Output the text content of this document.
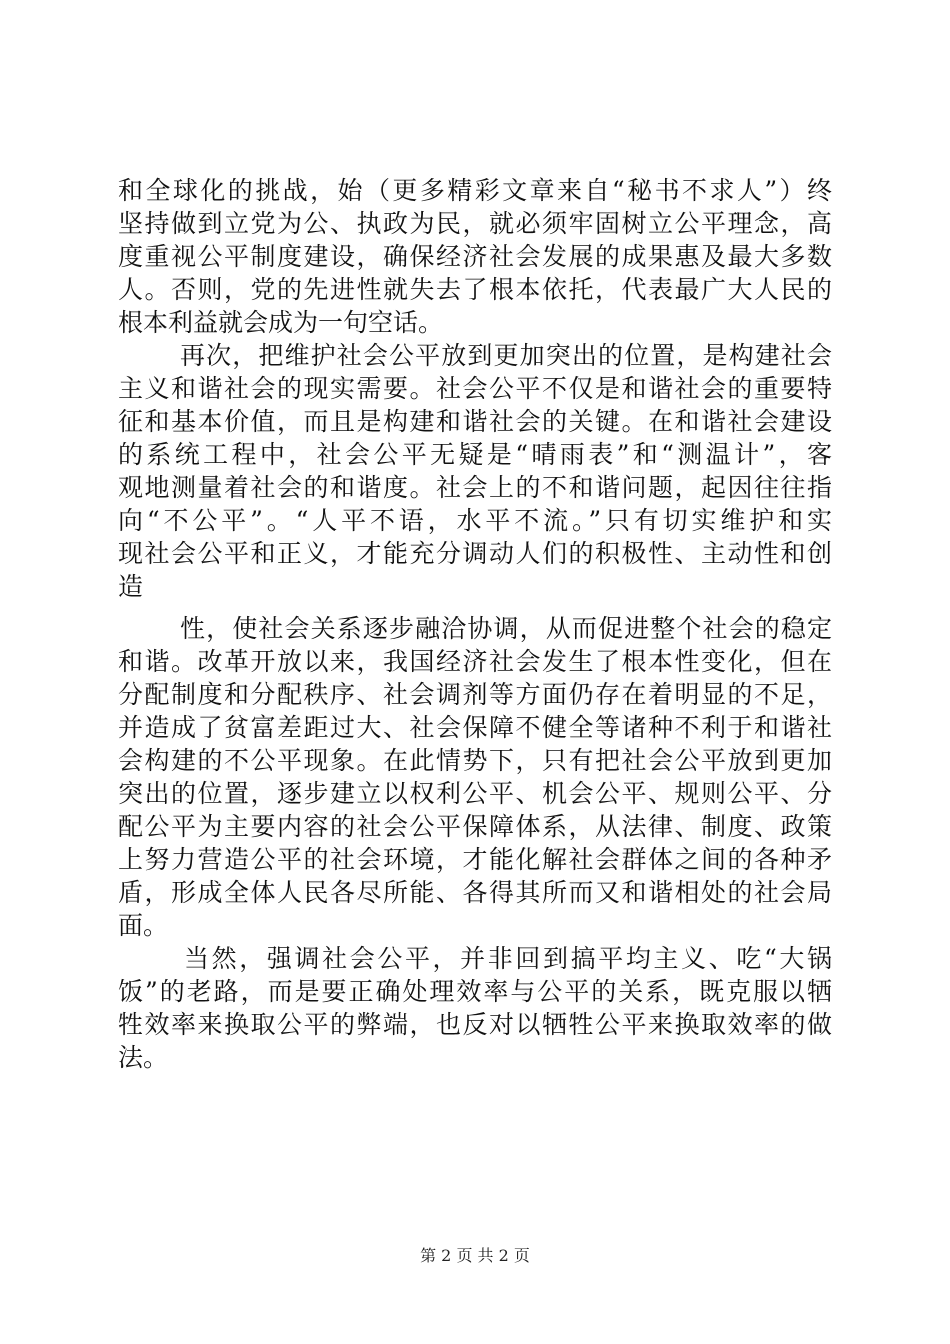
和全球化的挑战，始（更多精彩文章来自“秘书不求人”）终
坚持做到立党为公、执政为民，就必须牢固树立公平理念，高
度重视公平制度建设，确保经济社会发展的成果惠及最大多数
人。否则，党的先进性就失去了根本依托，代表最广大人民的
根本利益就会成为一句空话。
再次，把维护社会公平放到更加突出的位置，是构建社会
主义和谐社会的现实需要。社会公平不仅是和谐社会的重要特
征和基本价值，而且是构建和谐社会的关键。在和谐社会建设
的系统工程中，社会公平无疑是“晴雨表”和“测温计”，客
观地测量着社会的和谐度。社会上的不和谐问题，起因往往指
向“不公平”。“人平不语，水平不流。”只有切实维护和实
现社会公平和正义，才能充分调动人们的积极性、主动性和创
造
性，使社会关系逐步融洽协调，从而促进整个社会的稳定
和谐。改革开放以来，我国经济社会发生了根本性变化，但在
分配制度和分配秩序、社会调剂等方面仍存在着明显的不足，
并造成了贫富差距过大、社会保障不健全等诸种不利于和谐社
会构建的不公平现象。在此情势下，只有把社会公平放到更加
突出的位置，逐步建立以权利公平、机会公平、规则公平、分
配公平为主要内容的社会公平保障体系，从法律、制度、政策
上努力营造公平的社会环境，才能化解社会群体之间的各种矛
盾，形成全体人民各尽所能、各得其所而又和谐相处的社会局
面。
当然，强调社会公平，并非回到搞平均主义、吃“大锅
饭”的老路，而是要正确处理效率与公平的关系，既克服以牺
牲效率来换取公平的弊端，也反对以牺牲公平来换取效率的做
法。
第 2 页 共 2 页
